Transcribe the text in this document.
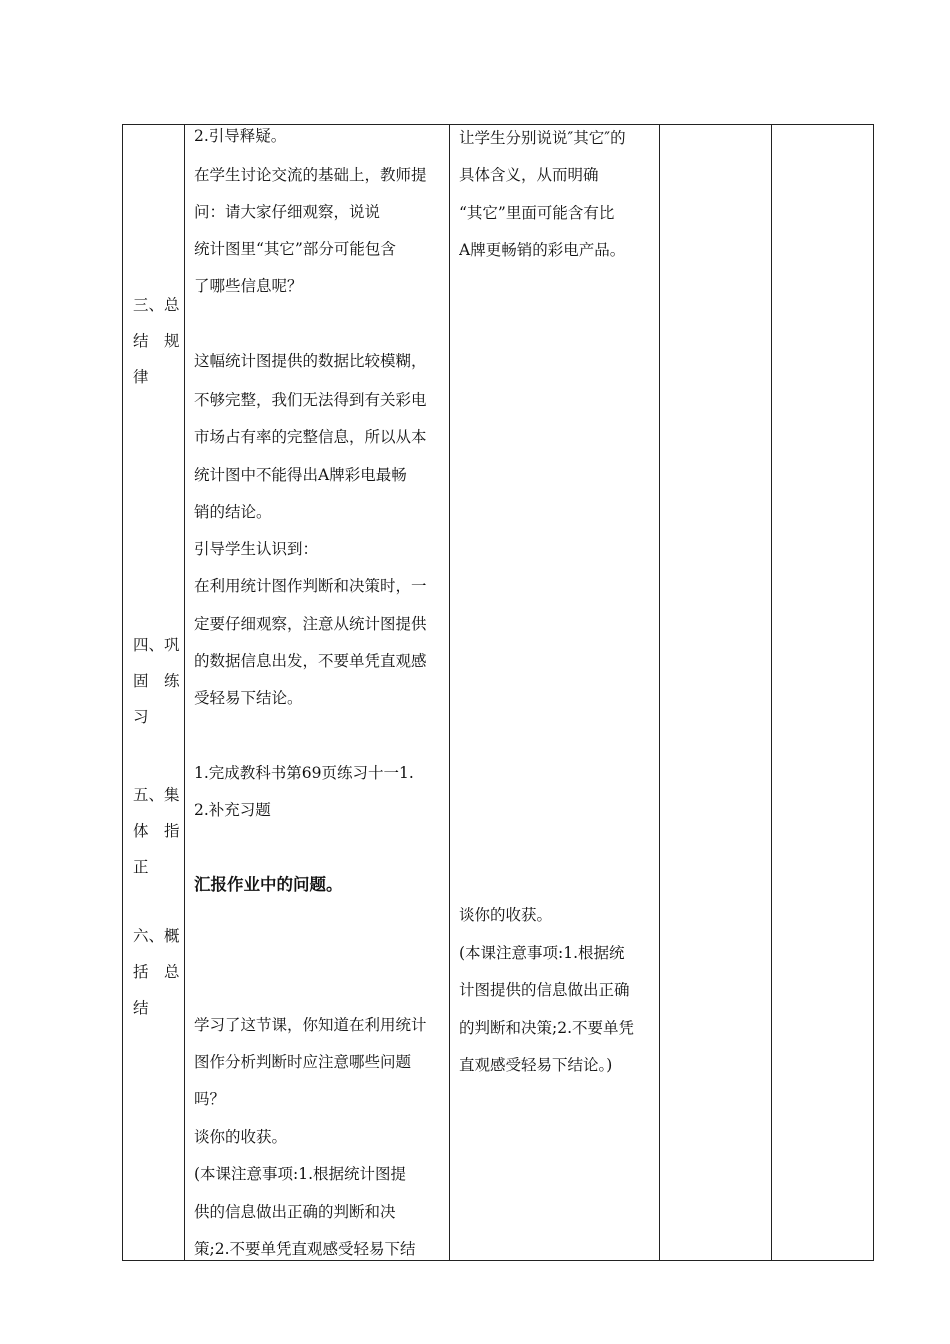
三、总
结　规
律
四、巩
固　练
习
五、集
体　指
正
六、概
括　总
结
2.引导释疑。
在学生讨论交流的基础上，教师提
问：请大家仔细观察，说说
统计图里“其它”部分可能包含
了哪些信息呢？
这幅统计图提供的数据比较模糊，
不够完整，我们无法得到有关彩电
市场占有率的完整信息，所以从本
统计图中不能得出A牌彩电最畅
销的结论。
引导学生认识到：
在利用统计图作判断和决策时，一
定要仔细观察，注意从统计图提供
的数据信息出发，不要单凭直观感
受轻易下结论。
1.完成教科书第69页练习十一1.
2.补充习题
汇报作业中的问题。
学习了这节课，你知道在利用统计
图作分析判断时应注意哪些问题
吗？
谈你的收获。
(本课注意事项:1.根据统计图提
供的信息做出正确的判断和决
策;2.不要单凭直观感受轻易下结
让学生分别说说″其它″的
具体含义，从而明确
“其它”里面可能含有比
A牌更畅销的彩电产品。
谈你的收获。
(本课注意事项:1.根据统
计图提供的信息做出正确
的判断和决策;2.不要单凭
直观感受轻易下结论。)
